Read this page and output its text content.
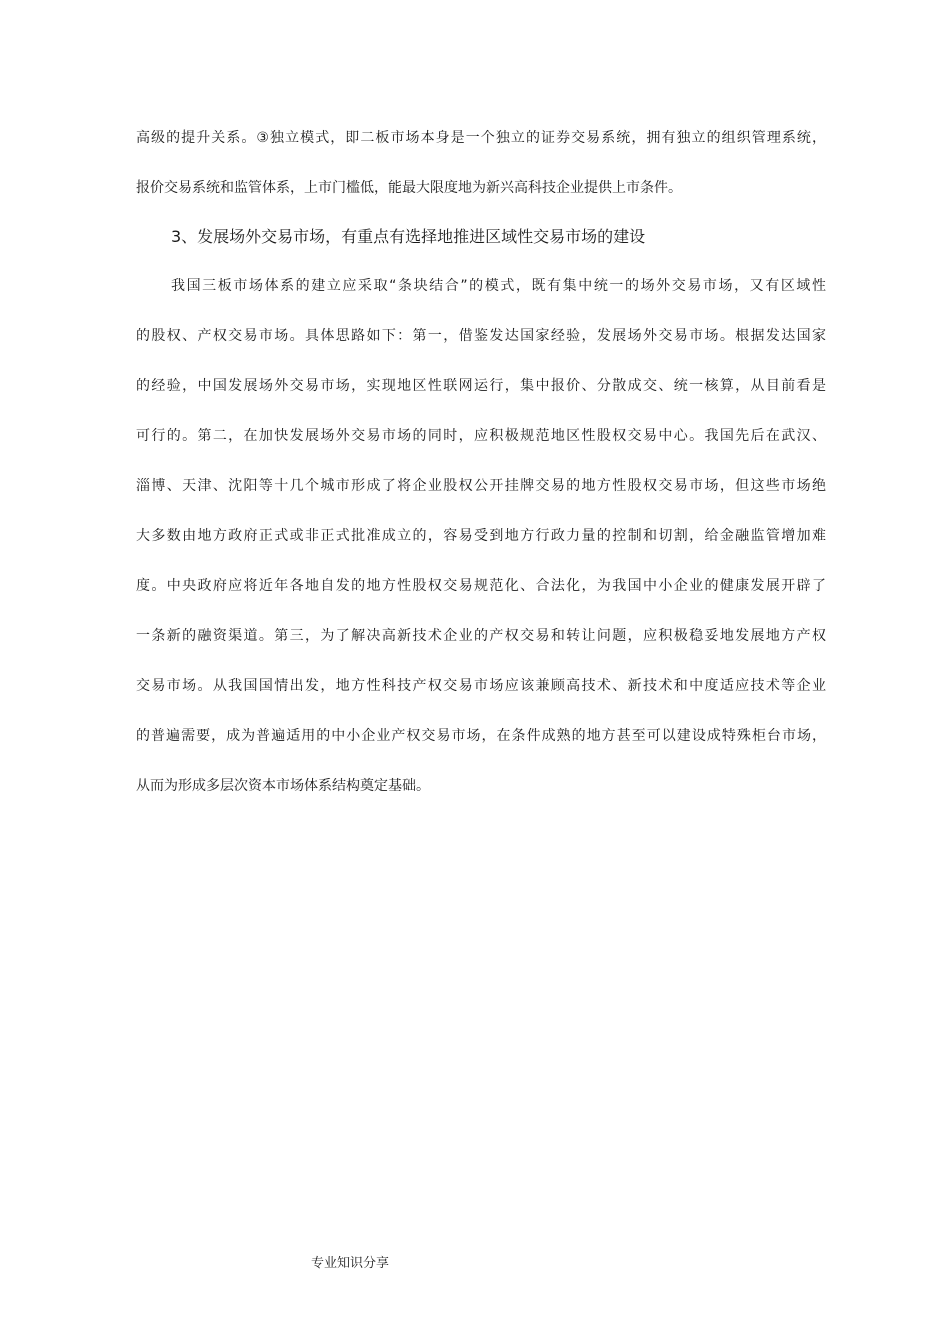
高级的提升关系。③独立模式，即二板市场本身是一个独立的证券交易系统，拥有独立的组织管理系统，
报价交易系统和监管体系，上市门槛低，能最大限度地为新兴高科技企业提供上市条件。
3、发展场外交易市场，有重点有选择地推进区域性交易市场的建设
我国三板市场体系的建立应采取“条块结合”的模式，既有集中统一的场外交易市场，又有区域性
的股权、产权交易市场。具体思路如下：第一，借鉴发达国家经验，发展场外交易市场。根据发达国家
的经验，中国发展场外交易市场，实现地区性联网运行，集中报价、分散成交、统一核算，从目前看是
可行的。第二，在加快发展场外交易市场的同时，应积极规范地区性股权交易中心。我国先后在武汉、
淄博、天津、沈阳等十几个城市形成了将企业股权公开挂牌交易的地方性股权交易市场，但这些市场绝
大多数由地方政府正式或非正式批准成立的，容易受到地方行政力量的控制和切割，给金融监管增加难
度。中央政府应将近年各地自发的地方性股权交易规范化、合法化，为我国中小企业的健康发展开辟了
一条新的融资渠道。第三，为了解决高新技术企业的产权交易和转让问题，应积极稳妥地发展地方产权
交易市场。从我国国情出发，地方性科技产权交易市场应该兼顾高技术、新技术和中度适应技术等企业
的普遍需要，成为普遍适用的中小企业产权交易市场，在条件成熟的地方甚至可以建设成特殊柜台市场，
从而为形成多层次资本市场体系结构奠定基础。
专业知识分享
